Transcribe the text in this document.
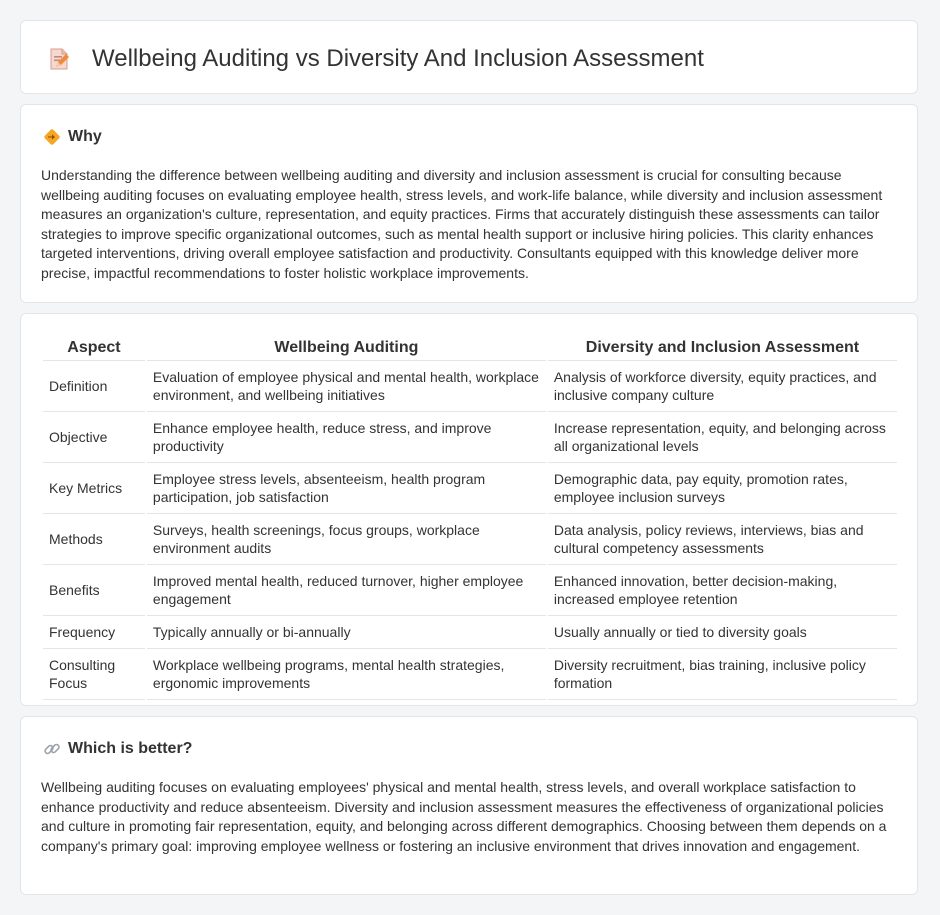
Wellbeing Auditing vs Diversity And Inclusion Assessment
Why

Understanding the difference between wellbeing auditing and diversity and inclusion assessment is crucial for consulting because wellbeing auditing focuses on evaluating employee health, stress levels, and work-life balance, while diversity and inclusion assessment measures an organization's culture, representation, and equity practices. Firms that accurately distinguish these assessments can tailor strategies to improve specific organizational outcomes, such as mental health support or inclusive hiring policies. This clarity enhances targeted interventions, driving overall employee satisfaction and productivity. Consultants equipped with this knowledge deliver more precise, impactful recommendations to foster holistic workplace improvements.

Aspect	Wellbeing Auditing	Diversity and Inclusion Assessment
Definition	Evaluation of employee physical and mental health, workplace environment, and wellbeing initiatives	Analysis of workforce diversity, equity practices, and inclusive company culture
Objective	Enhance employee health, reduce stress, and improve productivity	Increase representation, equity, and belonging across all organizational levels
Key Metrics	Employee stress levels, absenteeism, health program participation, job satisfaction	Demographic data, pay equity, promotion rates, employee inclusion surveys
Methods	Surveys, health screenings, focus groups, workplace environment audits	Data analysis, policy reviews, interviews, bias and cultural competency assessments
Benefits	Improved mental health, reduced turnover, higher employee engagement	Enhanced innovation, better decision-making, increased employee retention
Frequency	Typically annually or bi-annually	Usually annually or tied to diversity goals
Consulting Focus	Workplace wellbeing programs, mental health strategies, ergonomic improvements	Diversity recruitment, bias training, inclusive policy formation
Which is better?

Wellbeing auditing focuses on evaluating employees' physical and mental health, stress levels, and overall workplace satisfaction to enhance productivity and reduce absenteeism. Diversity and inclusion assessment measures the effectiveness of organizational policies and culture in promoting fair representation, equity, and belonging across different demographics. Choosing between them depends on a company's primary goal: improving employee wellness or fostering an inclusive environment that drives innovation and engagement.
